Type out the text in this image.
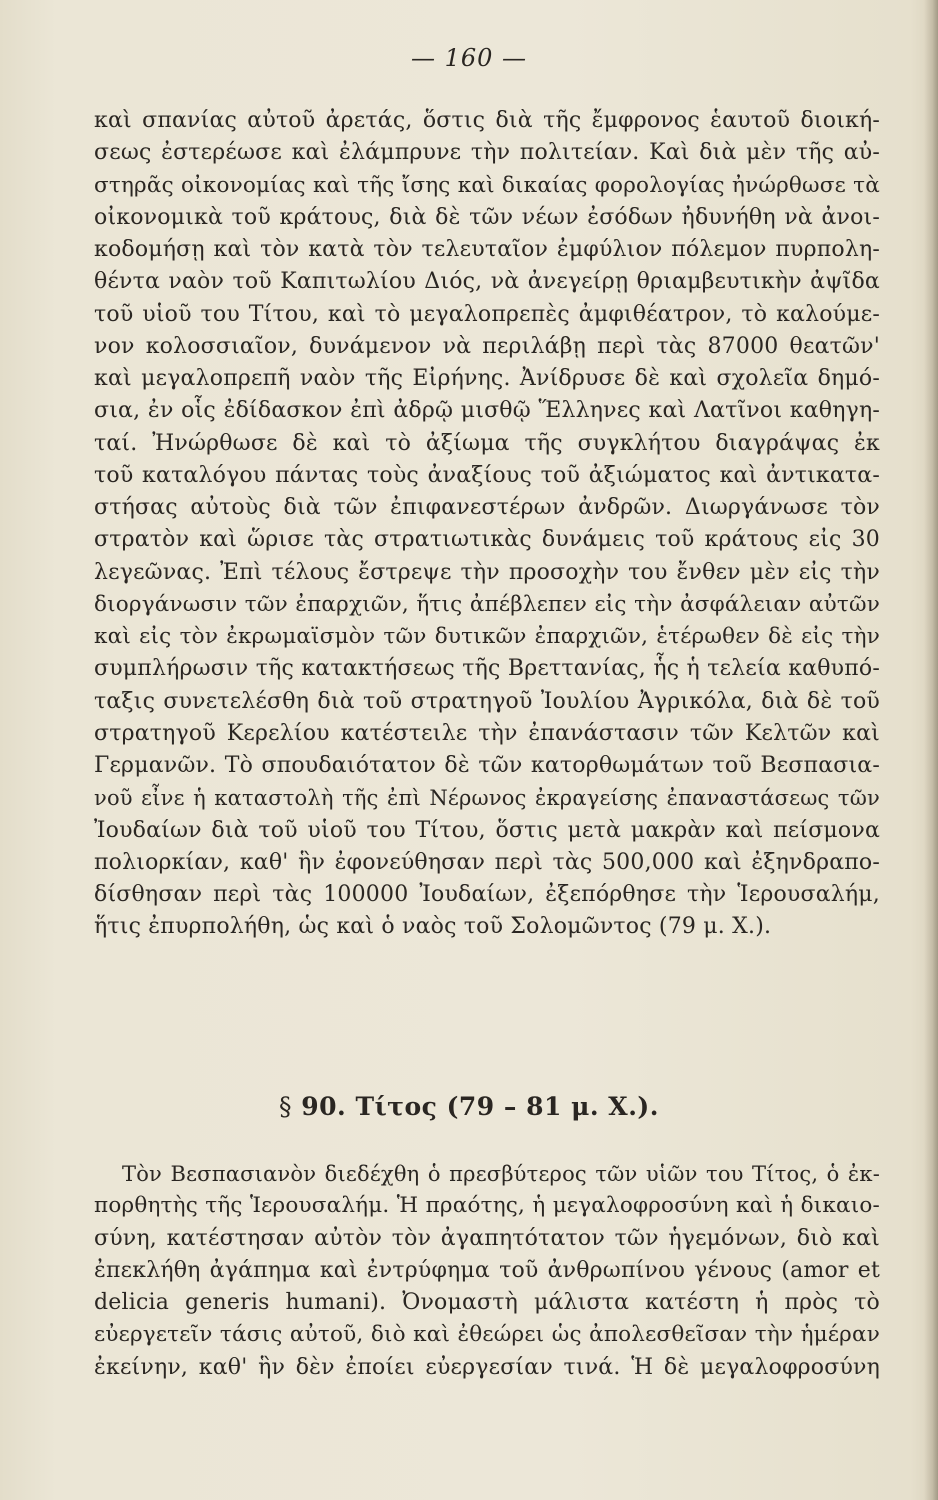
— 160 —
καὶ σπανίας αὐτοῦ ἀρετάς, ὅστις διὰ τῆς ἔμφρονος ἑαυτοῦ διοική-
σεως ἐστερέωσε καὶ ἐλάμπρυνε τὴν πολιτείαν. Καὶ διὰ μὲν τῆς αὐ-
στηρᾶς οἰκονομίας καὶ τῆς ἴσης καὶ δικαίας φορολογίας ἠνώρθωσε τὰ
οἰκονομικὰ τοῦ κράτους, διὰ δὲ τῶν νέων ἐσόδων ἠδυνήθη νὰ ἀνοι-
κοδομήσῃ καὶ τὸν κατὰ τὸν τελευταῖον ἐμφύλιον πόλεμον πυρπολη-
θέντα ναὸν τοῦ Καπιτωλίου Διός, νὰ ἀνεγείρῃ θριαμβευτικὴν ἀψῖδα
τοῦ υἱοῦ του Τίτου, καὶ τὸ μεγαλοπρεπὲς ἀμφιθέατρον, τὸ καλούμε-
νον κολοσσιαῖον, δυνάμενον νὰ περιλάβῃ περὶ τὰς 87000 θεατῶν'
καὶ μεγαλοπρεπῆ ναὸν τῆς Εἰρήνης. Ἀνίδρυσε δὲ καὶ σχολεῖα δημό-
σια, ἐν οἷς ἐδίδασκον ἐπὶ ἀδρῷ μισθῷ Ἕλληνες καὶ Λατῖνοι καθηγη-
ταί. Ἠνώρθωσε δὲ καὶ τὸ ἀξίωμα τῆς συγκλήτου διαγράψας ἐκ
τοῦ καταλόγου πάντας τοὺς ἀναξίους τοῦ ἀξιώματος καὶ ἀντικατα-
στήσας αὐτοὺς διὰ τῶν ἐπιφανεστέρων ἀνδρῶν. Διωργάνωσε τὸν
στρατὸν καὶ ὥρισε τὰς στρατιωτικὰς δυνάμεις τοῦ κράτους εἰς 30
λεγεῶνας. Ἐπὶ τέλους ἔστρεψε τὴν προσοχὴν του ἔνθεν μὲν εἰς τὴν
διοργάνωσιν τῶν ἐπαρχιῶν, ἥτις ἀπέβλεπεν εἰς τὴν ἀσφάλειαν αὐτῶν
καὶ εἰς τὸν ἐκρωμαϊσμὸν τῶν δυτικῶν ἐπαρχιῶν, ἑτέρωθεν δὲ εἰς τὴν
συμπλήρωσιν τῆς κατακτήσεως τῆς Βρεττανίας, ἧς ἡ τελεία καθυπό-
ταξις συνετελέσθη διὰ τοῦ στρατηγοῦ Ἰουλίου Ἀγρικόλα, διὰ δὲ τοῦ
στρατηγοῦ Κερελίου κατέστειλε τὴν ἐπανάστασιν τῶν Κελτῶν καὶ
Γερμανῶν. Τὸ σπουδαιότατον δὲ τῶν κατορθωμάτων τοῦ Βεσπασια-
νοῦ εἶνε ἡ καταστολὴ τῆς ἐπὶ Νέρωνος ἐκραγείσης ἐπαναστάσεως τῶν
Ἰουδαίων διὰ τοῦ υἱοῦ του Τίτου, ὅστις μετὰ μακρὰν καὶ πείσμονα
πολιορκίαν, καθ' ἣν ἐφονεύθησαν περὶ τὰς 500,000 καὶ ἐξηνδραπο-
δίσθησαν περὶ τὰς 100000 Ἰουδαίων, ἐξεπόρθησε τὴν Ἱερουσαλήμ,
ἥτις ἐπυρπολήθη, ὡς καὶ ὁ ναὸς τοῦ Σολομῶντος (79 μ. Χ.).
§ 90. Τίτος (79 – 81 μ. Χ.).
Τὸν Βεσπασιανὸν διεδέχθη ὁ πρεσβύτερος τῶν υἱῶν του Τίτος, ὁ ἐκ-
πορθητὴς τῆς Ἱερουσαλήμ. Ἡ πραότης, ἡ μεγαλοφροσύνη καὶ ἡ δικαιο-
σύνη, κατέστησαν αὐτὸν τὸν ἀγαπητότατον τῶν ἡγεμόνων, διὸ καὶ
ἐπεκλήθη ἀγάπημα καὶ ἐντρύφημα τοῦ ἀνθρωπίνου γένους (amor et
delicia generis humani). Ὀνομαστὴ μάλιστα κατέστη ἡ πρὸς τὸ
εὐεργετεῖν τάσις αὐτοῦ, διὸ καὶ ἐθεώρει ὡς ἀπολεσθεῖσαν τὴν ἡμέραν
ἐκείνην, καθ' ἣν δὲν ἐποίει εὐεργεσίαν τινά. Ἡ δὲ μεγαλοφροσύνη
